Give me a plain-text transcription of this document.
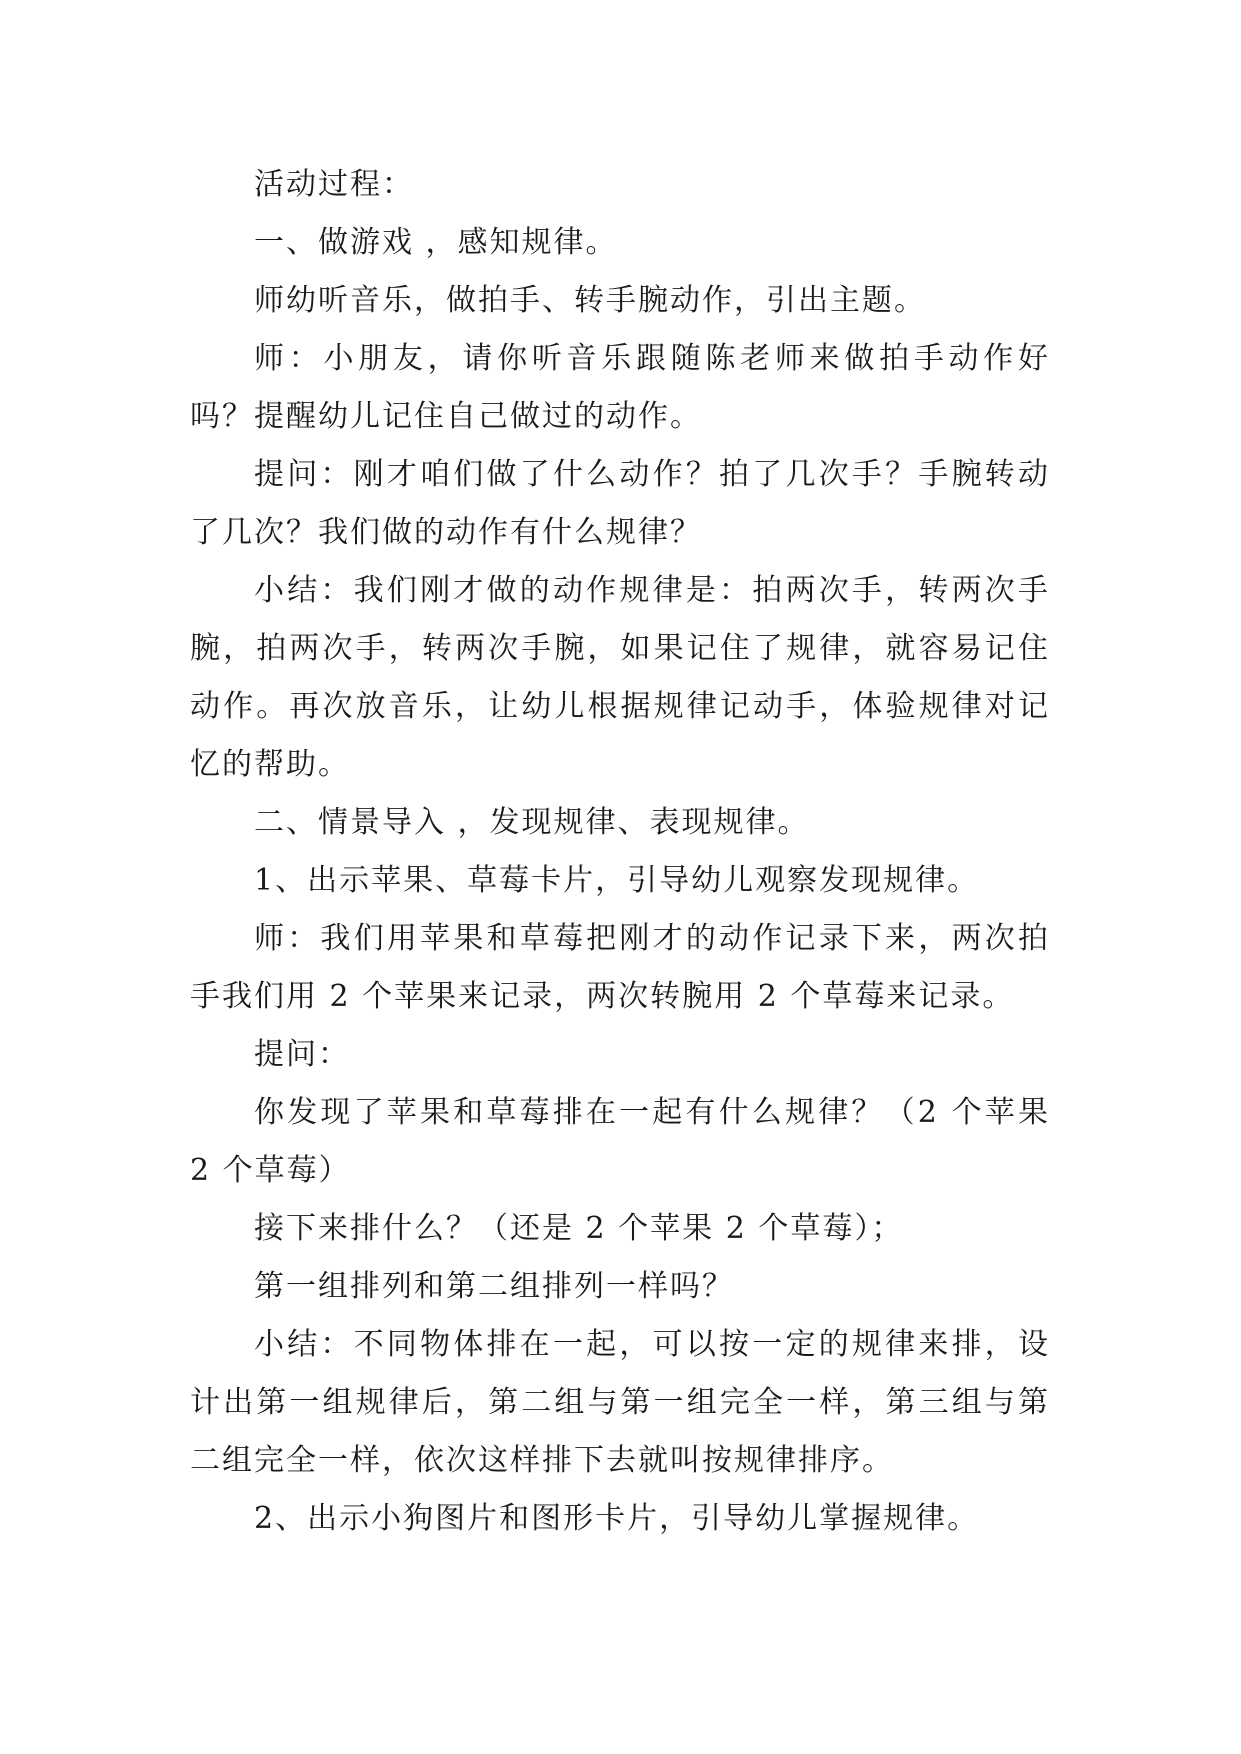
活动过程：

一、做游戏 ，感知规律。

师幼听音乐，做拍手、转手腕动作，引出主题。

师：小朋友，请你听音乐跟随陈老师来做拍手动作好吗？提醒幼儿记住自己做过的动作。

提问：刚才咱们做了什么动作？拍了几次手？手腕转动了几次？我们做的动作有什么规律？

小结：我们刚才做的动作规律是：拍两次手，转两次手腕，拍两次手，转两次手腕，如果记住了规律，就容易记住动作。再次放音乐，让幼儿根据规律记动手，体验规律对记忆的帮助。

二、情景导入 ，发现规律、表现规律。

1、出示苹果、草莓卡片，引导幼儿观察发现规律。

师：我们用苹果和草莓把刚才的动作记录下来，两次拍手我们用 2 个苹果来记录，两次转腕用 2 个草莓来记录。

提问：

你发现了苹果和草莓排在一起有什么规律？（2 个苹果 2 个草莓）

接下来排什么？（还是 2 个苹果 2 个草莓）；

第一组排列和第二组排列一样吗？

小结：不同物体排在一起，可以按一定的规律来排，设计出第一组规律后，第二组与第一组完全一样，第三组与第二组完全一样，依次这样排下去就叫按规律排序。

2、出示小狗图片和图形卡片，引导幼儿掌握规律。
